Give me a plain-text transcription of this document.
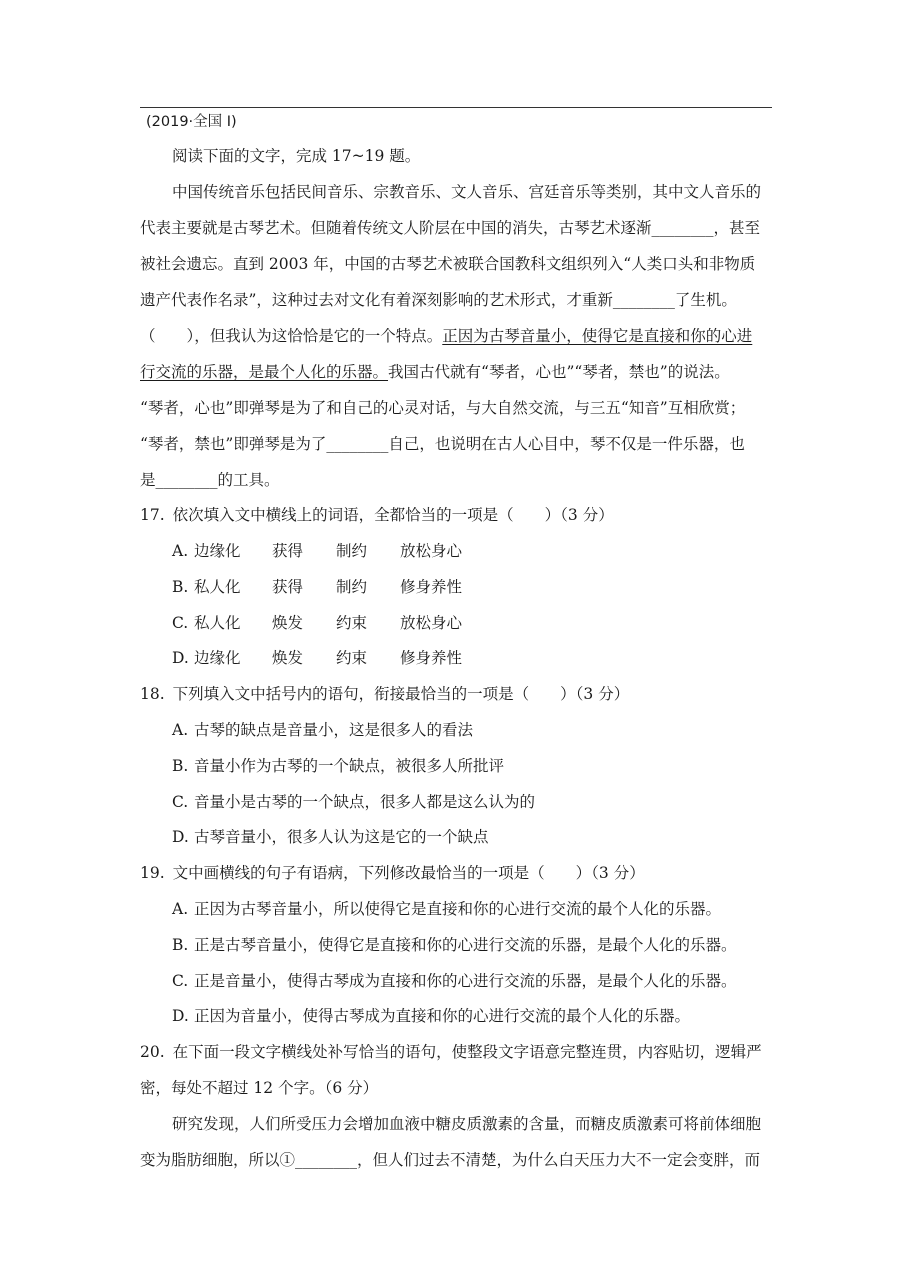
(2019·全国 I)
阅读下面的文字，完成 17~19 题。
中国传统音乐包括民间音乐、宗教音乐、文人音乐、宫廷音乐等类别，其中文人音乐的
代表主要就是古琴艺术。但随着传统文人阶层在中国的消失，古琴艺术逐渐________，甚至
被社会遗忘。直到 2003 年，中国的古琴艺术被联合国教科文组织列入“人类口头和非物质
遗产代表作名录”，这种过去对文化有着深刻影响的艺术形式，才重新________了生机。
（　　），但我认为这恰恰是它的一个特点。正因为古琴音量小，使得它是直接和你的心进
行交流的乐器，是最个人化的乐器。我国古代就有“琴者，心也”“琴者，禁也”的说法。
“琴者，心也”即弹琴是为了和自己的心灵对话，与大自然交流，与三五“知音”互相欣赏；
“琴者，禁也”即弹琴是为了________自己，也说明在古人心目中，琴不仅是一件乐器，也
是________的工具。
17. 依次填入文中横线上的词语，全都恰当的一项是（　　）（3 分）
A. 边缘化 获得 制约 放松身心
B. 私人化 获得 制约 修身养性
C. 私人化 焕发 约束 放松身心
D. 边缘化 焕发 约束 修身养性
18. 下列填入文中括号内的语句，衔接最恰当的一项是（　　）（3 分）
A. 古琴的缺点是音量小，这是很多人的看法
B. 音量小作为古琴的一个缺点，被很多人所批评
C. 音量小是古琴的一个缺点，很多人都是这么认为的
D. 古琴音量小，很多人认为这是它的一个缺点
19. 文中画横线的句子有语病，下列修改最恰当的一项是（　　）（3 分）
A. 正因为古琴音量小，所以使得它是直接和你的心进行交流的最个人化的乐器。
B. 正是古琴音量小，使得它是直接和你的心进行交流的乐器，是最个人化的乐器。
C. 正是音量小，使得古琴成为直接和你的心进行交流的乐器，是最个人化的乐器。
D. 正因为音量小，使得古琴成为直接和你的心进行交流的最个人化的乐器。
20. 在下面一段文字横线处补写恰当的语句，使整段文字语意完整连贯，内容贴切，逻辑严
密，每处不超过 12 个字。（6 分）
研究发现，人们所受压力会增加血液中糖皮质激素的含量，而糖皮质激素可将前体细胞
变为脂肪细胞，所以①________，但人们过去不清楚，为什么白天压力大不一定会变胖，而
